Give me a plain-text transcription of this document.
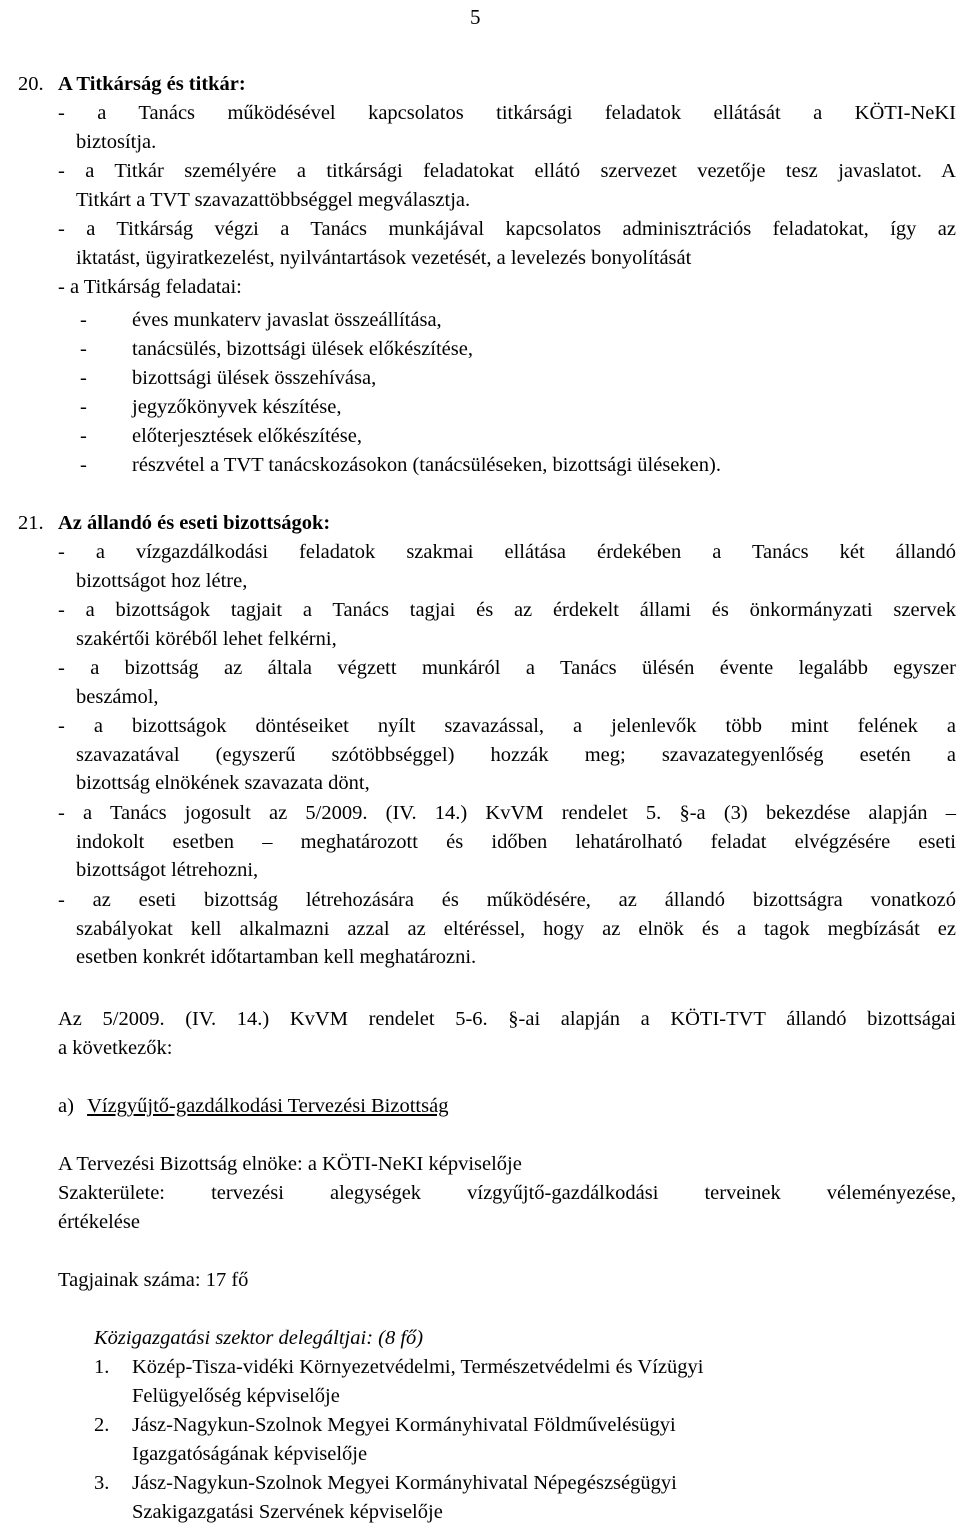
5
20. A Titkárság és titkár:
- a Tanács működésével kapcsolatos titkársági feladatok ellátását a KÖTI-NeKI
biztosítja.
- a Titkár személyére a titkársági feladatokat ellátó szervezet vezetője tesz javaslatot. A
Titkárt a TVT szavazattöbbséggel megválasztja.
- a Titkárság végzi a Tanács munkájával kapcsolatos adminisztrációs feladatokat, így az
iktatást, ügyiratkezelést, nyilvántartások vezetését, a levelezés bonyolítását
- a Titkárság feladatai:
- éves munkaterv javaslat összeállítása,
- tanácsülés, bizottsági ülések előkészítése,
- bizottsági ülések összehívása,
- jegyzőkönyvek készítése,
- előterjesztések előkészítése,
- részvétel a TVT tanácskozásokon (tanácsüléseken, bizottsági üléseken).
21. Az állandó és eseti bizottságok:
- a vízgazdálkodási feladatok szakmai ellátása érdekében a Tanács két állandó
bizottságot hoz létre,
- a bizottságok tagjait a Tanács tagjai és az érdekelt állami és önkormányzati szervek
szakértői köréből lehet felkérni,
- a bizottság az általa végzett munkáról a Tanács ülésén évente legalább egyszer
beszámol,
- a bizottságok döntéseiket nyílt szavazással, a jelenlevők több mint felének a
szavazatával (egyszerű szótöbbséggel) hozzák meg; szavazategyenlőség esetén a
bizottság elnökének szavazata dönt,
- a Tanács jogosult az 5/2009. (IV. 14.) KvVM rendelet 5. §-a (3) bekezdése alapján –
indokolt esetben – meghatározott és időben lehatárolható feladat elvégzésére eseti
bizottságot létrehozni,
- az eseti bizottság létrehozására és működésére, az állandó bizottságra vonatkozó
szabályokat kell alkalmazni azzal az eltéréssel, hogy az elnök és a tagok megbízását ez
esetben konkrét időtartamban kell meghatározni.
Az 5/2009. (IV. 14.) KvVM rendelet 5-6. §-ai alapján a KÖTI-TVT állandó bizottságai
a következők:
a) Vízgyűjtő-gazdálkodási Tervezési Bizottság
A Tervezési Bizottság elnöke: a KÖTI-NeKI képviselője
Szakterülete: tervezési alegységek vízgyűjtő-gazdálkodási terveinek véleményezése,
értékelése
Tagjainak száma: 17 fő
Közigazgatási szektor delegáltjai: (8 fő)
1. Közép-Tisza-vidéki Környezetvédelmi, Természetvédelmi és Vízügyi
Felügyelőség képviselője
2. Jász-Nagykun-Szolnok Megyei Kormányhivatal Földművelésügyi
Igazgatóságának képviselője
3. Jász-Nagykun-Szolnok Megyei Kormányhivatal Népegészségügyi
Szakigazgatási Szervének képviselője
